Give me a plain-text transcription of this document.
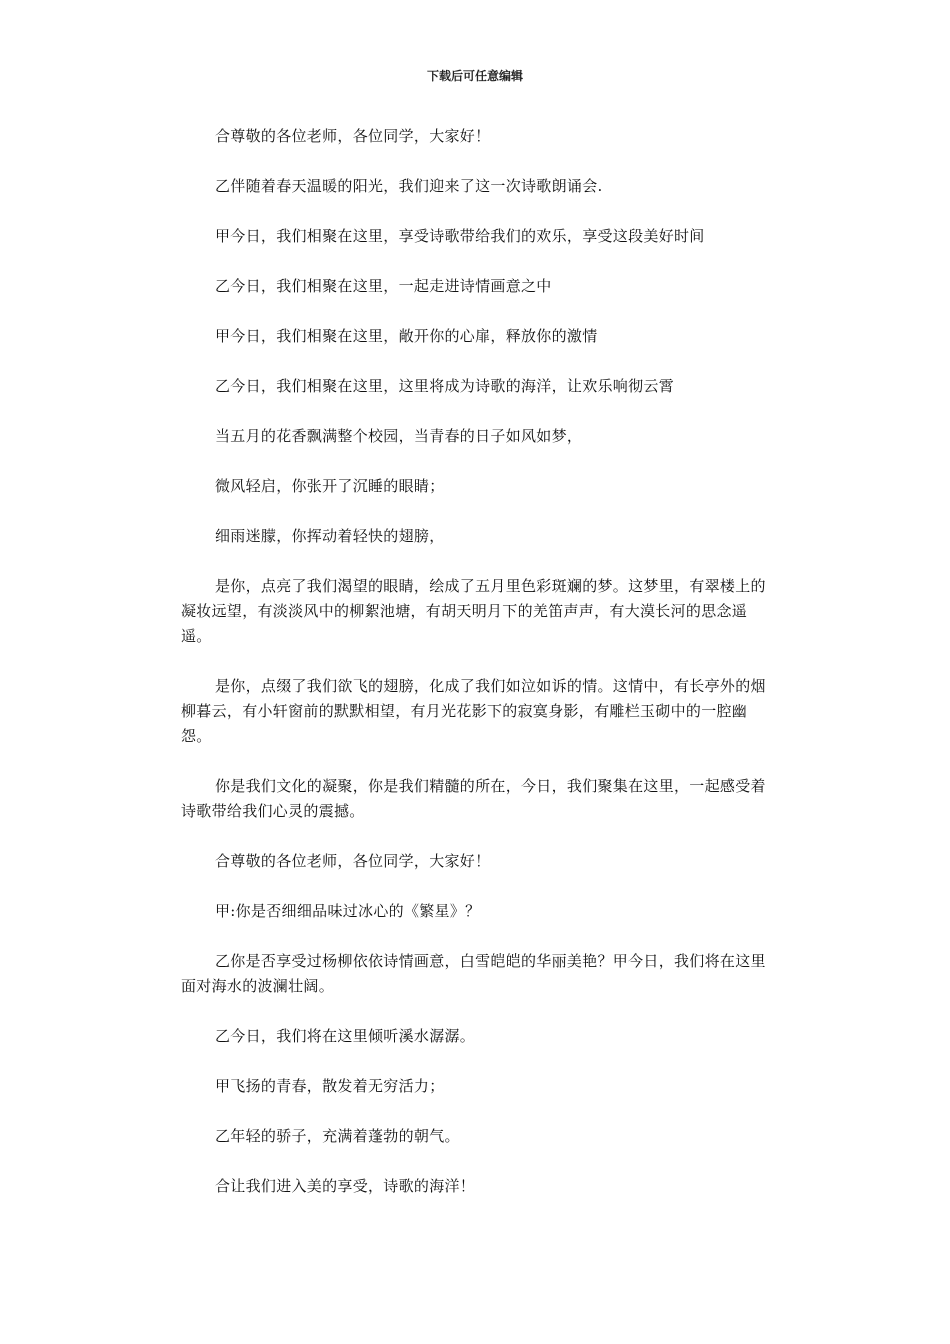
下载后可任意编辑

合尊敬的各位老师，各位同学，大家好！

乙伴随着春天温暖的阳光，我们迎来了这一次诗歌朗诵会.

甲今日，我们相聚在这里，享受诗歌带给我们的欢乐，享受这段美好时间

乙今日，我们相聚在这里，一起走进诗情画意之中

甲今日，我们相聚在这里，敞开你的心扉，释放你的激情

乙今日，我们相聚在这里，这里将成为诗歌的海洋，让欢乐响彻云霄

当五月的花香飘满整个校园，当青春的日子如风如梦，

微风轻启，你张开了沉睡的眼睛；

细雨迷朦，你挥动着轻快的翅膀，

是你，点亮了我们渴望的眼睛，绘成了五月里色彩斑斓的梦。这梦里，有翠楼上的凝妆远望，有淡淡风中的柳絮池塘，有胡天明月下的羌笛声声，有大漠长河的思念遥遥。

是你，点缀了我们欲飞的翅膀，化成了我们如泣如诉的情。这情中，有长亭外的烟柳暮云，有小轩窗前的默默相望，有月光花影下的寂寞身影，有雕栏玉砌中的一腔幽怨。

你是我们文化的凝聚，你是我们精髓的所在，今日，我们聚集在这里，一起感受着诗歌带给我们心灵的震撼。

合尊敬的各位老师，各位同学，大家好！

甲:你是否细细品味过冰心的《繁星》？

乙你是否享受过杨柳依依诗情画意，白雪皑皑的华丽美艳？甲今日，我们将在这里面对海水的波澜壮阔。

乙今日，我们将在这里倾听溪水潺潺。

甲飞扬的青春，散发着无穷活力；

乙年轻的骄子，充满着蓬勃的朝气。

合让我们进入美的享受，诗歌的海洋！
